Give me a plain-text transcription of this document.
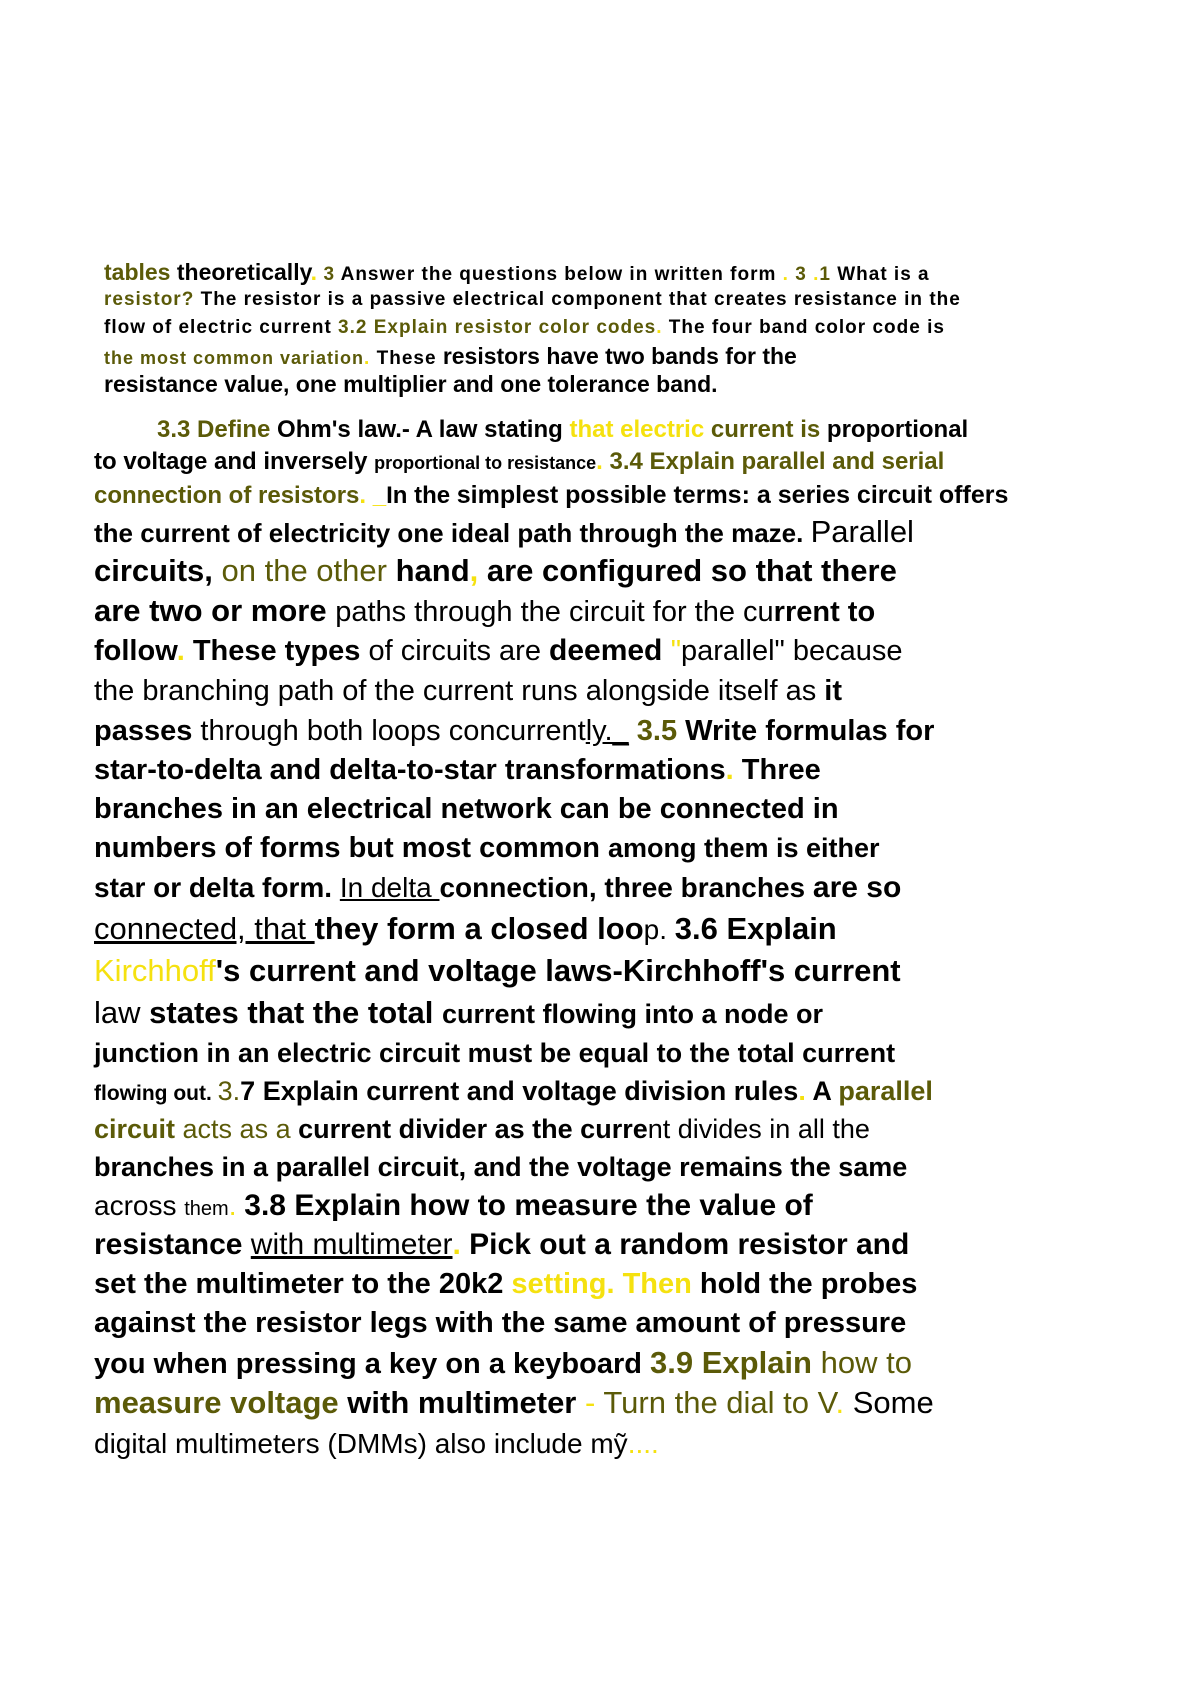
tables theoretically. 3 Answer the questions below in written form . 3 .1 What is a
resistor? The resistor is a passive electrical component that creates resistance in the
flow of electric current 3.2 Explain resistor color codes. The four band color code is
the most common variation. These resistors have two bands for the
resistance value, one multiplier and one tolerance band.
3.3 Define Ohm's law.- A law stating that electric current is proportional
to voltage and inversely proportional to resistance. 3.4 Explain parallel and serial
connection of resistors. _In the simplest possible terms: a series circuit offers
the current of electricity one ideal path through the maze. Parallel
circuits, on the other hand, are configured so that there
are two or more paths through the circuit for the current to
follow. These types of circuits are deemed "parallel" because
the branching path of the current runs alongside itself as it
passes through both loops concurrently._ 3.5 Write formulas for
star-to-delta and delta-to-star transformations. Three
branches in an electrical network can be connected in
numbers of forms but most common among them is either
star or delta form. In delta connection, three branches are so
connected, that they form a closed loop. 3.6 Explain
Kirchhoff's current and voltage laws-Kirchhoff's current
law states that the total current flowing into a node or
junction in an electric circuit must be equal to the total current
flowing out. 3.7 Explain current and voltage division rules. A parallel
circuit acts as a current divider as the current divides in all the
branches in a parallel circuit, and the voltage remains the same
across them. 3.8 Explain how to measure the value of
resistance with multimeter. Pick out a random resistor and
set the multimeter to the 20k2 setting. Then hold the probes
against the resistor legs with the same amount of pressure
you when pressing a key on a keyboard 3.9 Explain how to
measure voltage with multimeter - Turn the dial to V. Some
digital multimeters (DMMs) also include mỹ....
